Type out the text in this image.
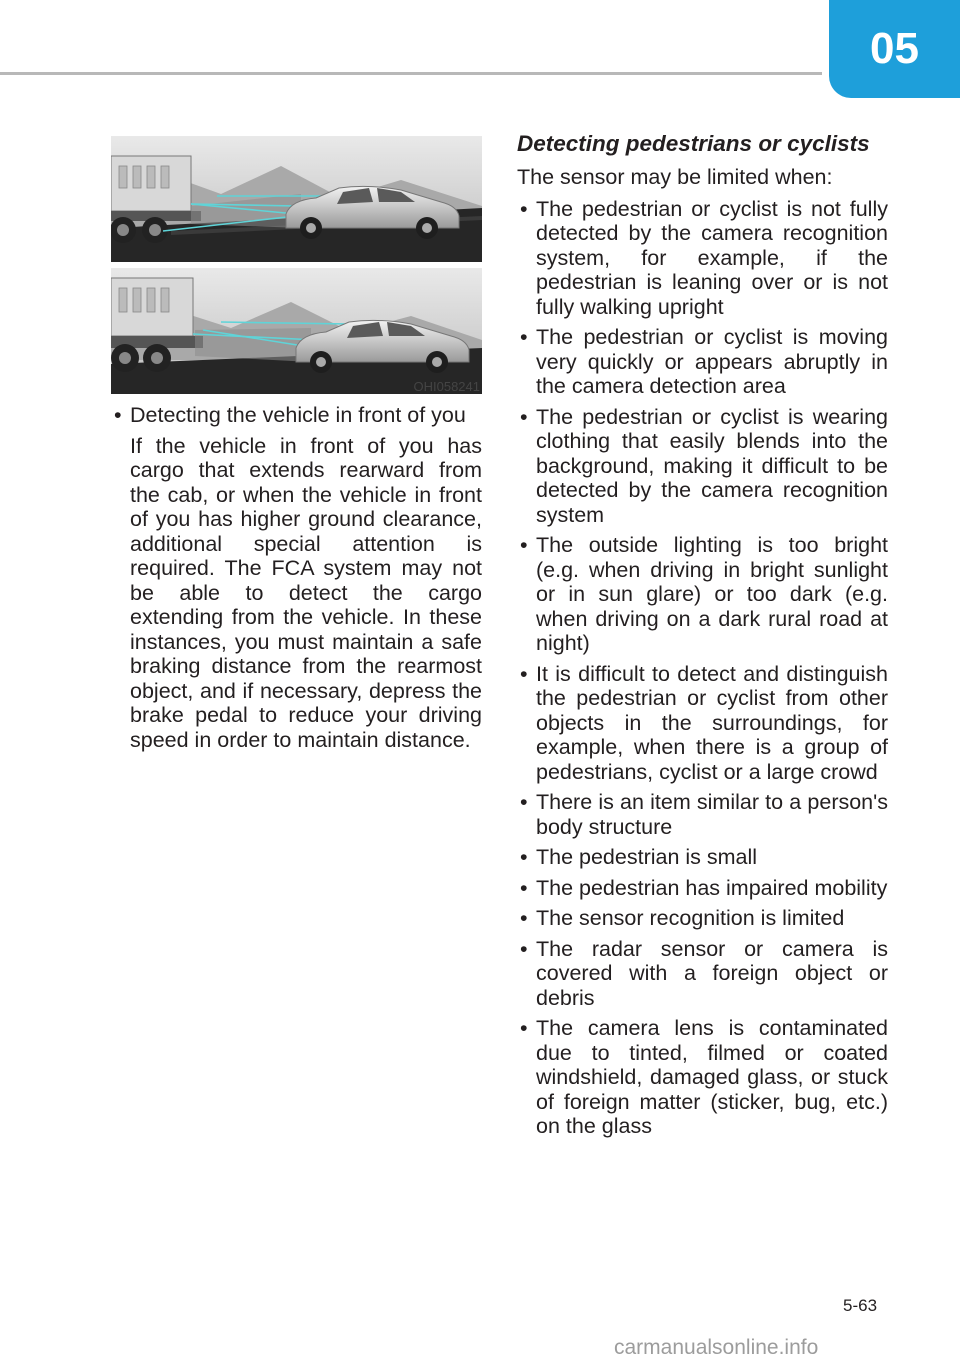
05
OHI058241

• Detecting the vehicle in front of you

If the vehicle in front of you has cargo that extends rearward from the cab, or when the vehicle in front of you has higher ground clearance, additional special attention is required. The FCA system may not be able to detect the cargo extending from the vehicle. In these instances, you must maintain a safe braking distance from the rearmost object, and if necessary, depress the brake pedal to reduce your driving speed in order to maintain distance.

Detecting pedestrians or cyclists

The sensor may be limited when:

• The pedestrian or cyclist is not fully detected by the camera recognition system, for example, if the pedestrian is leaning over or is not fully walking upright

• The pedestrian or cyclist is moving very quickly or appears abruptly in the camera detection area

• The pedestrian or cyclist is wearing clothing that easily blends into the background, making it difficult to be detected by the camera recognition system

• The outside lighting is too bright (e.g. when driving in bright sunlight or in sun glare) or too dark (e.g. when driving on a dark rural road at night)

• It is difficult to detect and distinguish the pedestrian or cyclist from other objects in the surroundings, for example, when there is a group of pedestrians, cyclist or a large crowd

• There is an item similar to a person's body structure

• The pedestrian is small

• The pedestrian has impaired mobility

• The sensor recognition is limited

• The radar sensor or camera is covered with a foreign object or debris

• The camera lens is contaminated due to tinted, filmed or coated windshield, damaged glass, or stuck of foreign matter (sticker, bug, etc.) on the glass

5-63
carmanualsonline.info
